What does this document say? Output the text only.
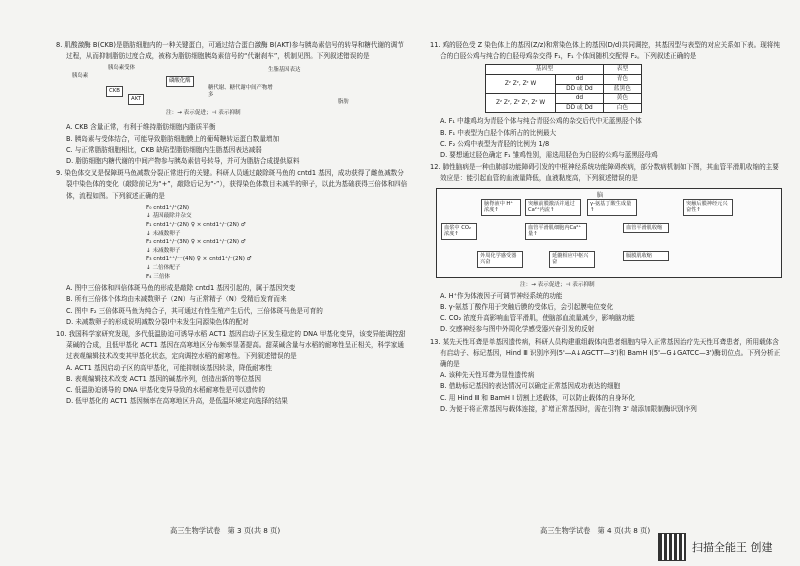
8. 肌酸激酶 B(CKB)是脂肪细胞内的一种关键蛋白，可通过结合蛋白激酶 B(AKT)参与胰岛素信号的转导和糖代谢的调节过程，从而抑制脂肪过度合成，被称为脂肪细胞胰岛素信号的“代谢刹车”，机制见图。下列叙述错误的是
胰岛素
胰岛素受体
CKB
AKT
磷酸化酶
糖代谢、糖代谢中间产物增多
生脂基因表达
脂肪
注：→ 表示促进；⊣ 表示抑制
A. CKB 含量正常，有利于维持脂肪细胞内脂质平衡
B. 胰岛素与受体结合，可能导致脂肪细胞膜上的葡萄糖转运蛋白数量增加
C. 与正常脂肪细胞相比，CKB 缺陷型脂肪细胞内生脂基因表达减弱
D. 脂肪细胞内糖代谢的中间产物参与胰岛素信号转导，并可为脂肪合成提供原料
9. 染色体交叉是保障斑马鱼减数分裂正常进行的关键。科研人员通过敲除斑马鱼的 cntd1 基因，成功获得了雌鱼减数分裂中染色体的变化（敲除前记为“+”，敲除后记为“-”），获得染色体数目未减半的卵子，以此为基础获得三倍体和四倍体，流程如图。下列叙述正确的是
F₀ cntd1⁺/⁺(2N)
↓ 基因敲除并杂交
F₁ cntd1⁺/⁻(2N) ♀ × cntd1⁺/⁻(2N) ♂
↓ 未减数卵子
F₂ cntd1⁺/⁻(3N) ♀ × cntd1⁺/⁻(2N) ♂
↓ 未减数卵子
F₃ cntd1⁺⁺/⁻⁻(4N) ♀ × cntd1⁺/⁻(2N) ♂
↓ 二倍体配子
F₄ 三倍体
A. 图中三倍体和四倍体斑马鱼的形成是敲除 cntd1 基因引起的，属于基因突变
B. 所有三倍体个体均由未减数卵子（2N）与正常精子（N）受精后发育而来
C. 图中 F₂ 三倍体斑马鱼为纯合子，其可通过有性生殖产生后代，三倍体斑马鱼是可育的
D. 未减数卵子的形成说明减数分裂Ⅰ中未发生同源染色体的配对
10. 我国科学家研究发现，多代低温胁迫可诱导水稻 ACT1 基因启动子区发生稳定的 DNA 甲基化变异，该变异能调控甜菜碱的合成，且低甲基化 ACT1 基因在高寒地区分布频率显著提高。甜菜碱含量与水稻的耐寒性呈正相关，科学家通过表观编辑技术改变其甲基化状态，定向调控水稻的耐寒性。下列叙述错误的是
A. ACT1 基因启动子区的高甲基化，可能抑制该基因转录，降低耐寒性
B. 表观编辑技术改变 ACT1 基因的碱基序列，创造出新的等位基因
C. 低温胁迫诱导的 DNA 甲基化变异导致的水稻耐寒性是可以遗传的
D. 低甲基化的 ACT1 基因频率在高寒地区升高，是低温环境定向选择的结果
高三生物学试卷　第 3 页(共 8 页)
11. 鸡的胫色受 Z 染色体上的基因(Z/z)和常染色体上的基因(D/d)共同调控，其基因型与表型的对应关系如下表。现将纯合的白胫公鸡与纯合的白胫母鸡杂交得 F₁，F₁ 个体间随机交配得 F₂。下列叙述正确的是
基因型		表型
Zᶻ Zᶻ, Zᶻ W	dd	青色
	DD 或 Dd	蓝黑色
Zᶻ Zᶻ, Zᶻ Zᶻ, Zᶻ W	dd	黄色
	DD 或 Dd	白色
A. F₁ 中雄鸡均为青胫个体与纯合青胫公鸡的杂交后代中无蓝黑胫个体
B. F₁ 中表型为白胫个体所占的比例最大
C. F₂ 公鸡中表型为青胫的比例为 1/8
D. 要想通过胫色确定 F₁ 雏鸡性别，需选用胫色为白胫的公鸡与蓝黑胫母鸡
12. 肺性脑病是一种由肺部功能障碍引发的中枢神经系统功能障碍疾病，部分数病机制如下图，其血管平滑肌收缩的主要效应是：能引起血管的血液量降低，血液黏度高，下列叙述错误的是
脑
血浆中 CO₂浓度↑
脑脊液中 H⁺浓度↑
突触前膜激活并通过 Ca²⁺内流↑
γ-氨基丁酸生成量↑
突触后膜神经元兴奋性↑
血管平滑肌细胞内Ca²⁺量↑
血管平滑肌收缩
外周化学感受器兴奋
延髓相应中枢兴奋
膈膜肌收缩
注：→ 表示促进；⊣ 表示抑制
A. H⁺作为体液因子可调节神经系统的功能
B. γ-氨基丁酸作用于突触后膜的受体后，会引起膜电位变化
C. CO₂ 浓度升高影响血管平滑肌，使脑部血流量减少，影响脑功能
D. 交感神经参与图中外周化学感受器兴奋引发的反射
13. 某先天性耳聋是单基因遗传病，科研人员构建重组载体向患者细胞内导入正常基因治疗先天性耳聋患者，所用载体含有启动子、标记基因，Hind Ⅲ 识别序列(5'—A↓AGCTT—3')和 BamH Ⅰ(5'—G↓GATCC—3')酶切位点。下列分析正确的是
A. 该种先天性耳聋为显性遗传病
B. 借助标记基因的表达情况可以确定正常基因成功表达的细胞
C. 用 Hind Ⅲ 和 BamH Ⅰ 切割上述载体，可以防止载体的自身环化
D. 为便于将正常基因与载体连接，扩增正常基因时，需在引物 3' 端添加限制酶识别序列
高三生物学试卷　第 4 页(共 8 页)
扫描全能王 创建
